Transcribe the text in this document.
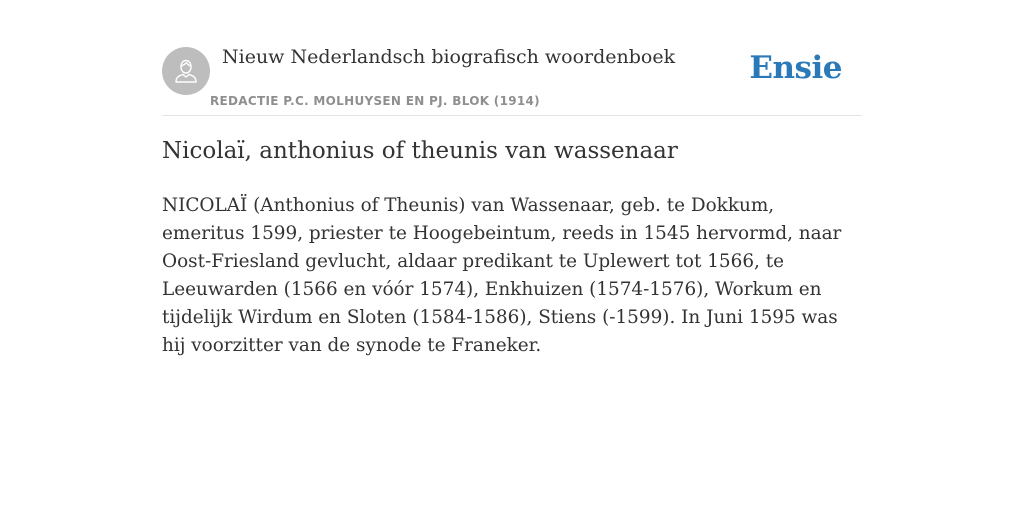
Nieuw Nederlandsch biografisch woordenboek
REDACTIE P.C. MOLHUYSEN EN PJ. BLOK (1914)
Ensie
Nicolaï, anthonius of theunis van wassenaar

NICOLAÏ (Anthonius of Theunis) van Wassenaar, geb. te Dokkum, emeritus 1599, priester te Hoogebeintum, reeds in 1545 hervormd, naar Oost-Friesland gevlucht, aldaar predikant te Uplewert tot 1566, te Leeuwarden (1566 en vóór 1574), Enkhuizen (1574-1576), Workum en tijdelijk Wirdum en Sloten (1584-1586), Stiens (-1599). In Juni 1595 was hij voorzitter van de synode te Franeker.
